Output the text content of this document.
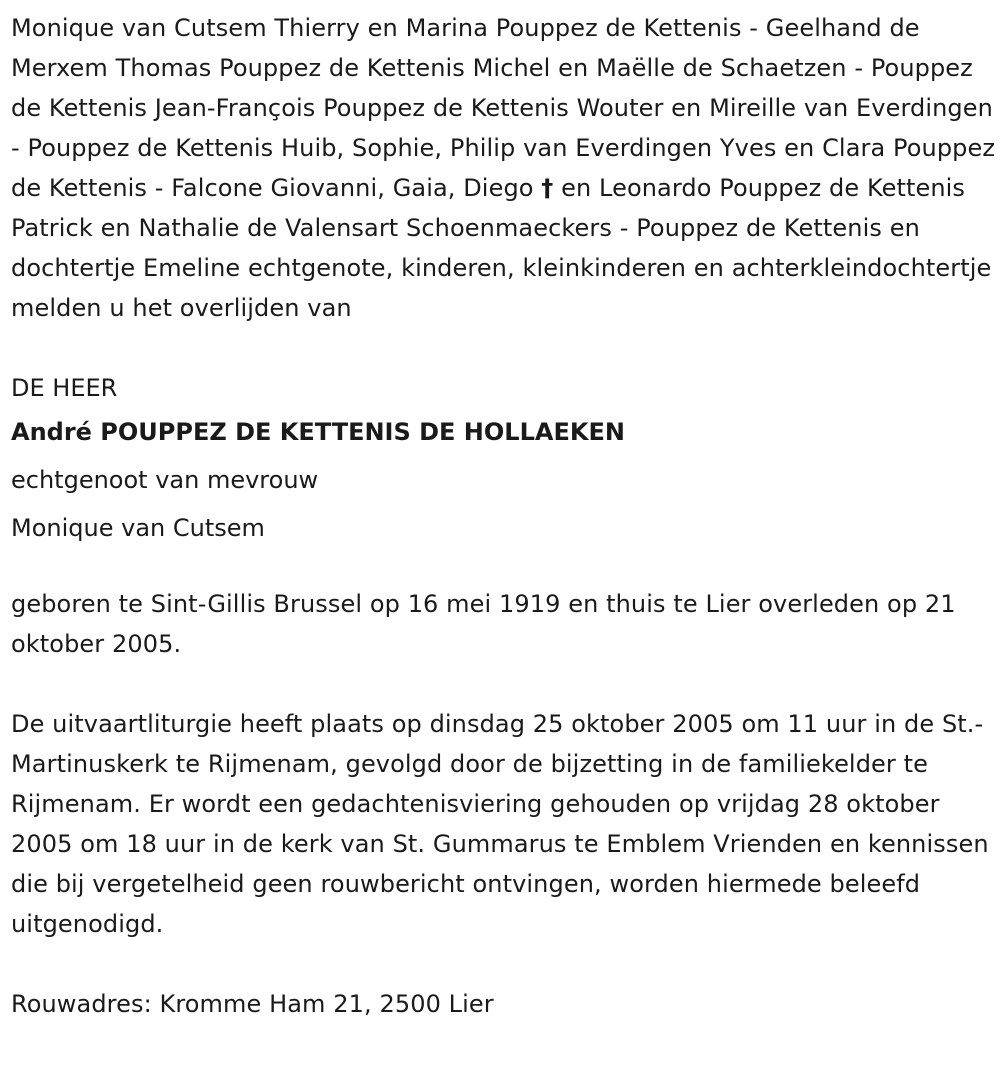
Monique van Cutsem Thierry en Marina Pouppez de Kettenis - Geelhand de Merxem Thomas Pouppez de Kettenis Michel en Maëlle de Schaetzen - Pouppez de Kettenis Jean-François Pouppez de Kettenis Wouter en Mireille van Everdingen - Pouppez de Kettenis Huib, Sophie, Philip van Everdingen Yves en Clara Pouppez de Kettenis - Falcone Giovanni, Gaia, Diego † en Leonardo Pouppez de Kettenis Patrick en Nathalie de Valensart Schoenmaeckers - Pouppez de Kettenis en dochtertje Emeline echtgenote, kinderen, kleinkinderen en achterkleindochtertje melden u het overlijden van

DE HEER

André POUPPEZ DE KETTENIS DE HOLLAEKEN

echtgenoot van mevrouw

Monique van Cutsem

geboren te Sint-Gillis Brussel op 16 mei 1919 en thuis te Lier overleden op 21 oktober 2005.

De uitvaartliturgie heeft plaats op dinsdag 25 oktober 2005 om 11 uur in de St.-Martinuskerk te Rijmenam, gevolgd door de bijzetting in de familiekelder te Rijmenam. Er wordt een gedachtenisviering gehouden op vrijdag 28 oktober 2005 om 18 uur in de kerk van St. Gummarus te Emblem Vrienden en kennissen die bij vergetelheid geen rouwbericht ontvingen, worden hiermede beleefd uitgenodigd.

Rouwadres: Kromme Ham 21, 2500 Lier
